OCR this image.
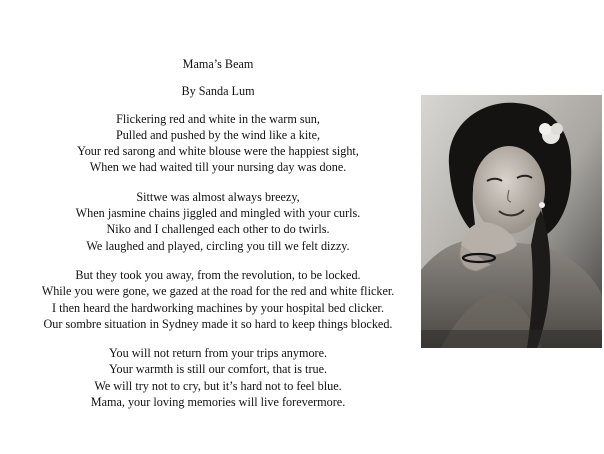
Mama’s Beam
By Sanda Lum
Flickering red and white in the warm sun,
Pulled and pushed by the wind like a kite,
Your red sarong and white blouse were the happiest sight,
When we had waited till your nursing day was done.
Sittwe was almost always breezy,
When jasmine chains jiggled and mingled with your curls.
Niko and I challenged each other to do twirls.
We laughed and played, circling you till we felt dizzy.
But they took you away, from the revolution, to be locked.
While you were gone, we gazed at the road for the red and white flicker.
I then heard the hardworking machines by your hospital bed clicker.
Our sombre situation in Sydney made it so hard to keep things blocked.
You will not return from your trips anymore.
Your warmth is still our comfort, that is true.
We will try not to cry, but it’s hard not to feel blue.
Mama, your loving memories will live forevermore.
